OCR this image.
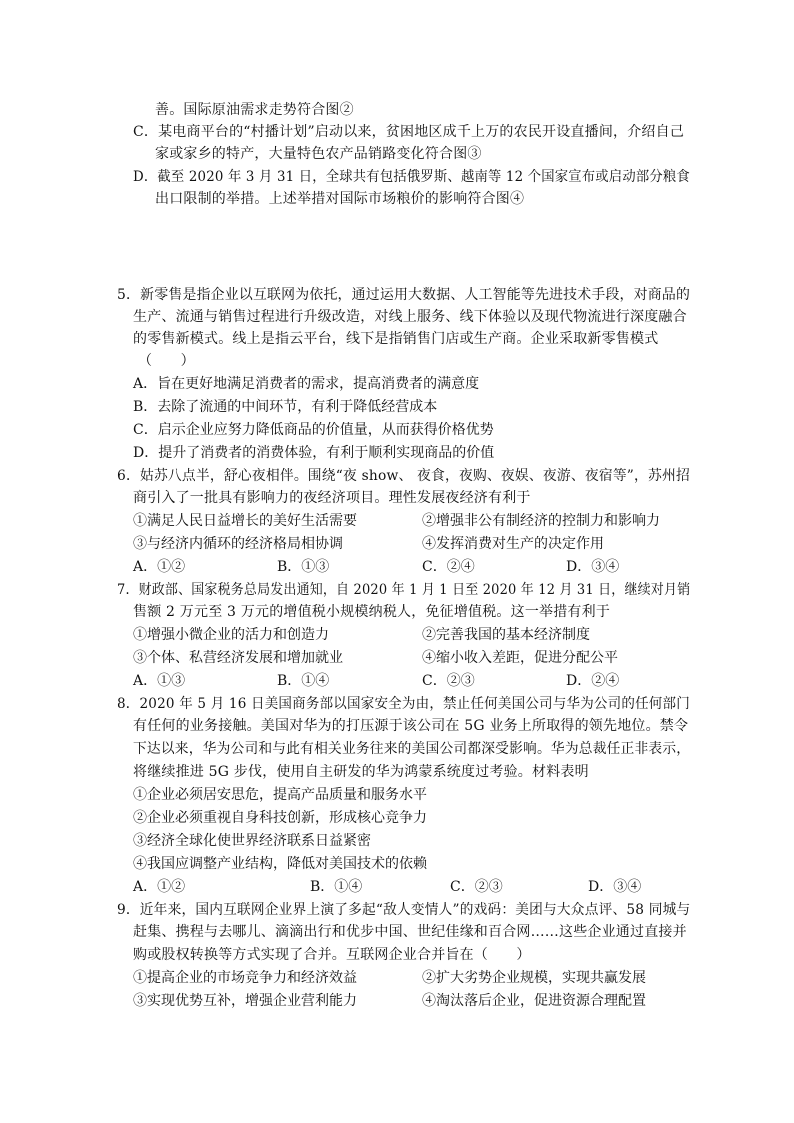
善。国际原油需求走势符合图②
C．某电商平台的“村播计划”启动以来，贫困地区成千上万的农民开设直播间，介绍自己
家或家乡的特产，大量特色农产品销路变化符合图③
D．截至 2020 年 3 月 31 日，全球共有包括俄罗斯、越南等 12 个国家宣布或启动部分粮食
出口限制的举措。上述举措对国际市场粮价的影响符合图④
5．新零售是指企业以互联网为依托，通过运用大数据、人工智能等先进技术手段，对商品的
生产、流通与销售过程进行升级改造，对线上服务、线下体验以及现代物流进行深度融合
的零售新模式。线上是指云平台，线下是指销售门店或生产商。企业采取新零售模式
（　　）
A．旨在更好地满足消费者的需求，提高消费者的满意度
B．去除了流通的中间环节，有利于降低经营成本
C．启示企业应努力降低商品的价值量，从而获得价格优势
D．提升了消费者的消费体验，有利于顺利实现商品的价值
6．姑苏八点半，舒心夜相伴。围绕“夜 show、 夜食，夜购、夜娱、夜游、夜宿等”，苏州招
商引入了一批具有影响力的夜经济项目。理性发展夜经济有利于
①满足人民日益增长的美好生活需要	②增强非公有制经济的控制力和影响力
③与经济内循环的经济格局相协调	④发挥消费对生产的决定作用
A．①②	B．①③	C．②④	D．③④
7．财政部、国家税务总局发出通知，自 2020 年 1 月 1 日至 2020 年 12 月 31 日，继续对月销
售额 2 万元至 3 万元的增值税小规模纳税人，免征增值税。这一举措有利于
①增强小微企业的活力和创造力	②完善我国的基本经济制度
③个体、私营经济发展和增加就业	④缩小收入差距，促进分配公平
A．①③	B．①④	C．②③	D．②④
8．2020 年 5 月 16 日美国商务部以国家安全为由，禁止任何美国公司与华为公司的任何部门
有任何的业务接触。美国对华为的打压源于该公司在 5G 业务上所取得的领先地位。禁令
下达以来，华为公司和与此有相关业务往来的美国公司都深受影响。华为总裁任正非表示，
将继续推进 5G 步伐，使用自主研发的华为鸿蒙系统度过考验。材料表明
①企业必须居安思危，提高产品质量和服务水平
②企业必须重视自身科技创新，形成核心竞争力
③经济全球化使世界经济联系日益紧密
④我国应调整产业结构，降低对美国技术的依赖
A．①②	B．①④	C．②③	D．③④
9．近年来，国内互联网企业界上演了多起“敌人变情人”的戏码：美团与大众点评、58 同城与
赶集、携程与去哪儿、滴滴出行和优步中国、世纪佳缘和百合网……这些企业通过直接并
购或股权转换等方式实现了合并。互联网企业合并旨在（　　）
①提高企业的市场竞争力和经济效益	②扩大劣势企业规模，实现共赢发展
③实现优势互补，增强企业营利能力	④淘汰落后企业，促进资源合理配置
